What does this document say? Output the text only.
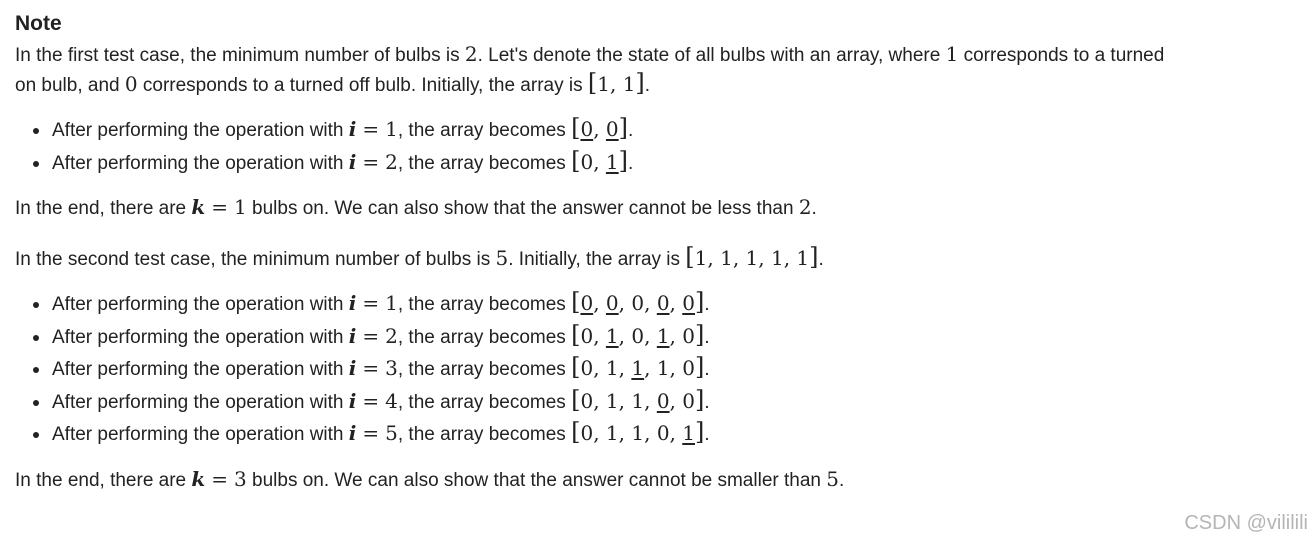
Note

In the first test case, the minimum number of bulbs is 2. Let's denote the state of all bulbs with an array, where 1 corresponds to a turned

on bulb, and 0 corresponds to a turned off bulb. Initially, the array is [1, 1].

After performing the operation with i = 1, the array becomes [0, 0].
After performing the operation with i = 2, the array becomes [0, 1].

In the end, there are k = 1 bulbs on. We can also show that the answer cannot be less than 2.

In the second test case, the minimum number of bulbs is 5. Initially, the array is [1, 1, 1, 1, 1].

After performing the operation with i = 1, the array becomes [0, 0, 0, 0, 0].
After performing the operation with i = 2, the array becomes [0, 1, 0, 1, 0].
After performing the operation with i = 3, the array becomes [0, 1, 1, 1, 0].
After performing the operation with i = 4, the array becomes [0, 1, 1, 0, 0].
After performing the operation with i = 5, the array becomes [0, 1, 1, 0, 1].

In the end, there are k = 3 bulbs on. We can also show that the answer cannot be smaller than 5.

CSDN @vililili
